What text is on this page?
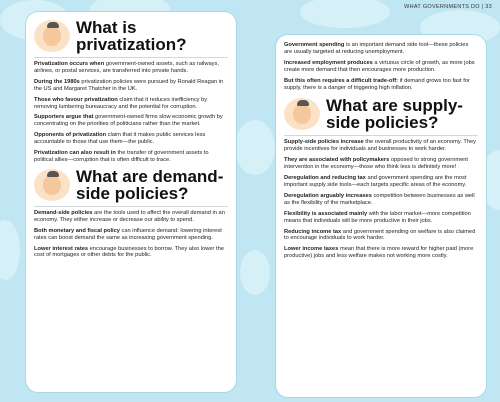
WHAT GOVERNMENTS DO | 33
What is privatization?

Privatization occurs when government-owned assets, such as railways, airlines, or postal services, are transferred into private hands.

During the 1980s privatization policies were pursued by Ronald Reagan in the US and Margaret Thatcher in the UK.

Those who favour privatization claim that it reduces inefficiency by removing lumbering bureaucracy and the potential for corruption.

Supporters argue that government-owned firms slow economic growth by concentrating on the priorities of politicians rather than the market.

Opponents of privatization claim that it makes public services less accountable to those that use them—the public.

Privatization can also result in the transfer of government assets to political allies—corruption that is often difficult to trace.

What are demand-side policies?

Demand-side policies are the tools used to affect the overall demand in an economy. They either increase or decrease our ability to spend.

Both monetary and fiscal policy can influence demand: lowering interest rates can boost demand the same as increasing government spending.

Lower interest rates encourage businesses to borrow. They also lower the cost of mortgages or other debts for the public.

Government spending is an important demand side tool—these policies are usually targeted at reducing unemployment.

Increased employment produces a virtuous circle of growth, as more jobs create more demand that then encourages more production.

But this often requires a difficult trade-off: if demand grows too fast for supply, there is a danger of triggering high inflation.

What are supply-side policies?

Supply-side policies increase the overall productivity of an economy. They provide incentives for individuals and businesses to work harder.

They are associated with policymakers opposed to strong government intervention in the economy—those who think less is definitely more!

Deregulation and reducing tax and government spending are the most important supply side tools—each targets specific areas of the economy.

Deregulation arguably increases competition between businesses as well as the flexibility of the marketplace.

Flexibility is associated mainly with the labor market—more competition means that individuals will be more productive in their jobs.

Reducing income tax and government spending on welfare is also claimed to encourage individuals to work harder.

Lower income taxes mean that there is more reward for higher paid (more productive) jobs and less welfare makes not working more costly.
